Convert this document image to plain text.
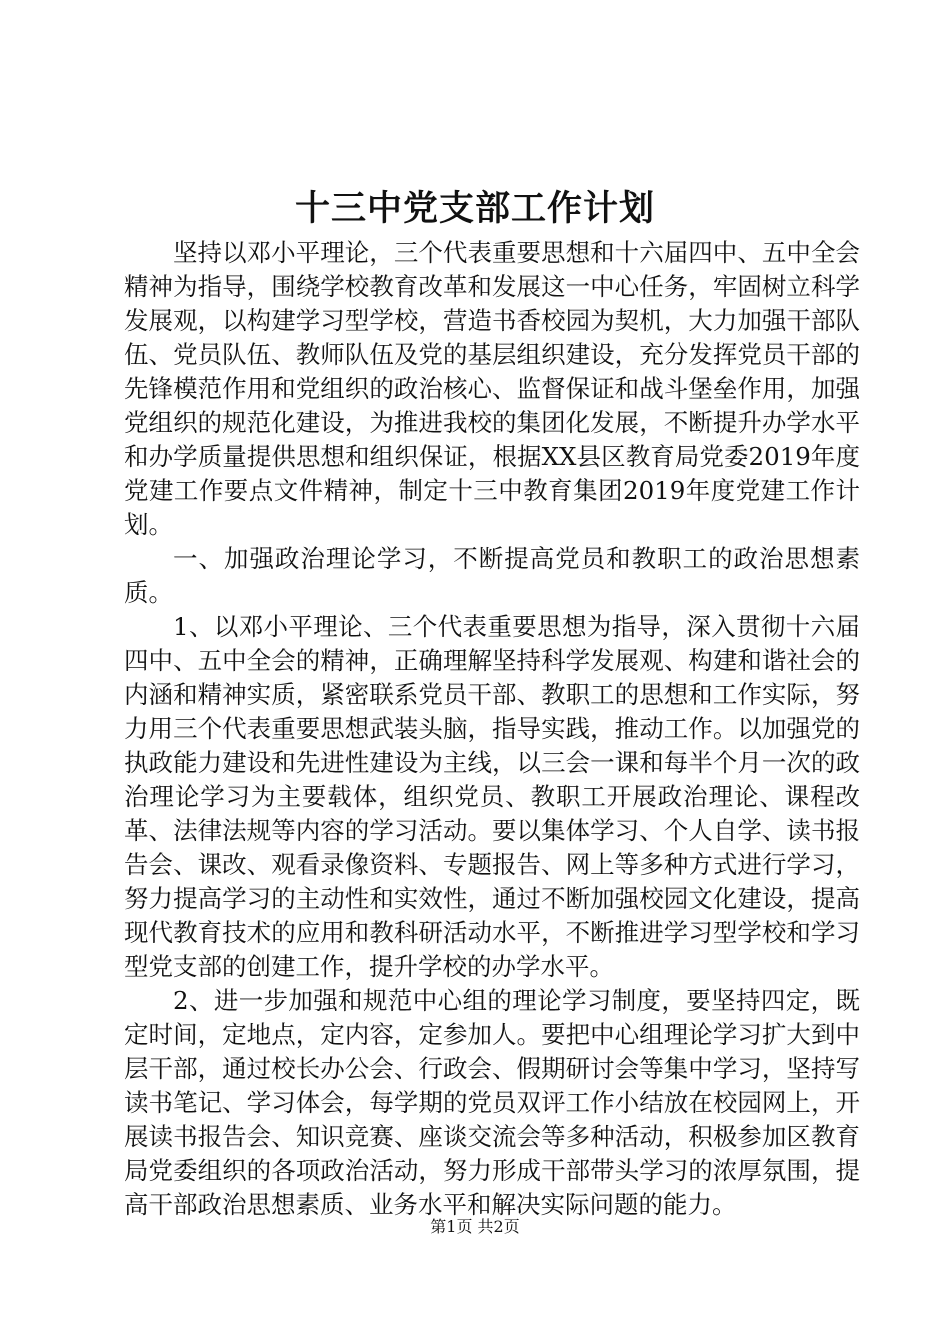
十三中党支部工作计划

坚持以邓小平理论，三个代表重要思想和十六届四中、五中全会精神为指导，围绕学校教育改革和发展这一中心任务，牢固树立科学发展观，以构建学习型学校，营造书香校园为契机，大力加强干部队伍、党员队伍、教师队伍及党的基层组织建设，充分发挥党员干部的先锋模范作用和党组织的政治核心、监督保证和战斗堡垒作用，加强党组织的规范化建设，为推进我校的集团化发展，不断提升办学水平和办学质量提供思想和组织保证，根据XX县区教育局党委2019年度党建工作要点文件精神，制定十三中教育集团2019年度党建工作计划。

一、加强政治理论学习，不断提高党员和教职工的政治思想素质。

1、以邓小平理论、三个代表重要思想为指导，深入贯彻十六届四中、五中全会的精神，正确理解坚持科学发展观、构建和谐社会的内涵和精神实质，紧密联系党员干部、教职工的思想和工作实际，努力用三个代表重要思想武装头脑，指导实践，推动工作。以加强党的执政能力建设和先进性建设为主线，以三会一课和每半个月一次的政治理论学习为主要载体，组织党员、教职工开展政治理论、课程改革、法律法规等内容的学习活动。要以集体学习、个人自学、读书报告会、课改、观看录像资料、专题报告、网上等多种方式进行学习，努力提高学习的主动性和实效性，通过不断加强校园文化建设，提高现代教育技术的应用和教科研活动水平，不断推进学习型学校和学习型党支部的创建工作，提升学校的办学水平。

2、进一步加强和规范中心组的理论学习制度，要坚持四定，既定时间，定地点，定内容，定参加人。要把中心组理论学习扩大到中层干部，通过校长办公会、行政会、假期研讨会等集中学习，坚持写读书笔记、学习体会，每学期的党员双评工作小结放在校园网上，开展读书报告会、知识竞赛、座谈交流会等多种活动，积极参加区教育局党委组织的各项政治活动，努力形成干部带头学习的浓厚氛围，提高干部政治思想素质、业务水平和解决实际问题的能力。

第1页 共2页
